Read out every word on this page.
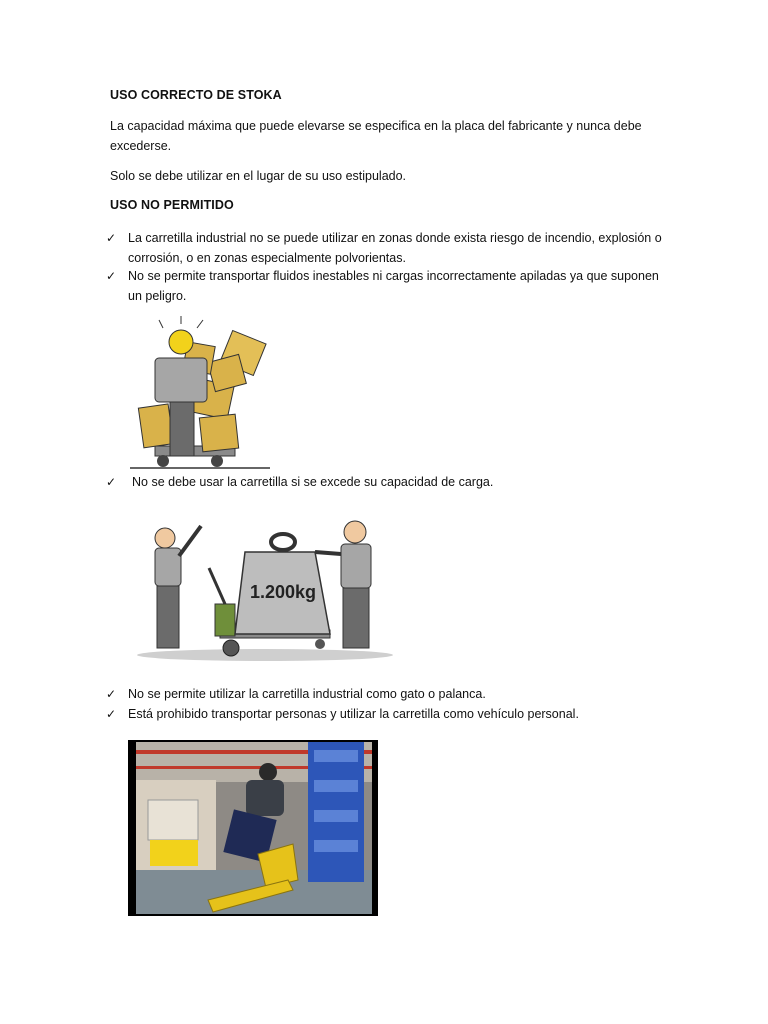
USO CORRECTO DE STOKA
La capacidad máxima que puede elevarse se especifica en la placa del fabricante y nunca debe excederse.
Solo se debe utilizar en el lugar de su uso estipulado.
USO NO PERMITIDO
✓ La carretilla industrial no se puede utilizar en zonas donde exista riesgo de incendio, explosión o corrosión, o en zonas especialmente polvorientas.
✓ No se permite transportar fluidos inestables ni cargas incorrectamente apiladas ya que suponen un peligro.
✓	No se debe usar la carretilla si se excede su capacidad de carga.
1.200kg
✓ No se permite utilizar la carretilla industrial como gato o palanca.
✓ Está prohibido transportar personas y utilizar la carretilla como vehículo personal.
